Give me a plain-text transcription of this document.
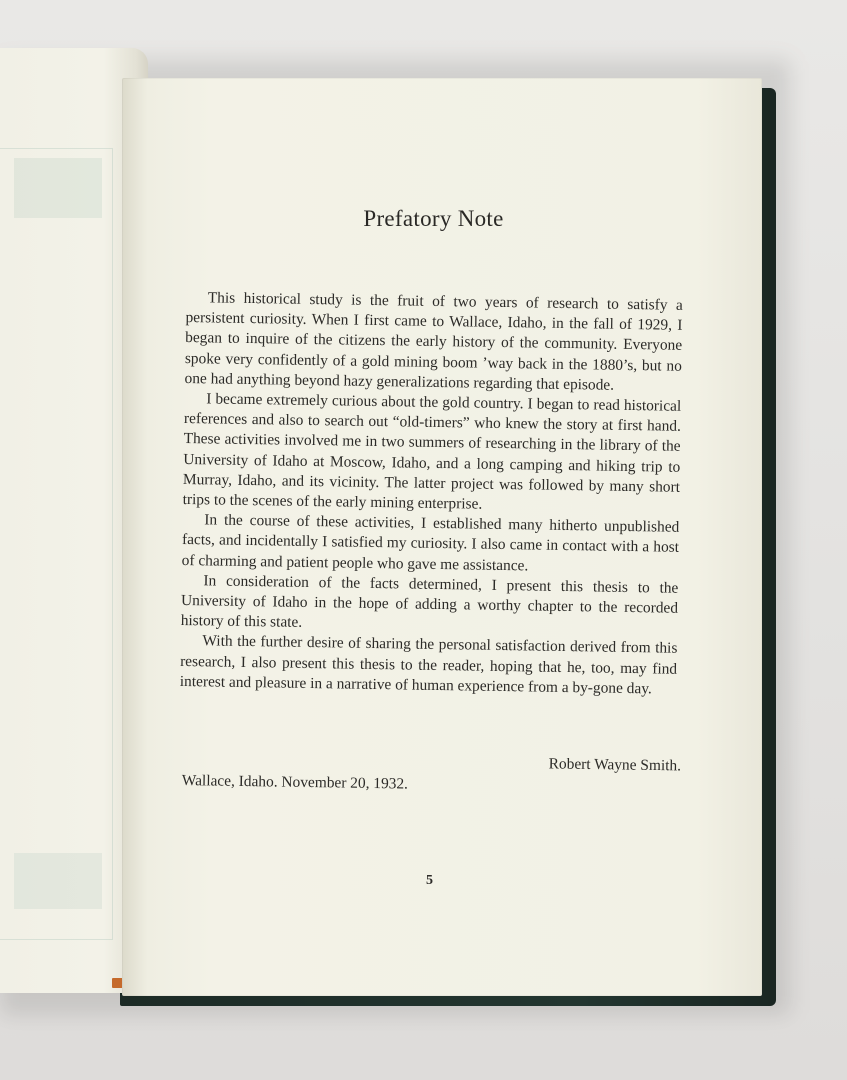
Prefatory Note

This historical study is the fruit of two years of research to satisfy a persistent curiosity. When I first came to Wallace, Idaho, in the fall of 1929, I began to inquire of the citizens the early history of the community. Everyone spoke very confidently of a gold mining boom ’way back in the 1880’s, but no one had anything beyond hazy generalizations regarding that episode.

I became extremely curious about the gold country. I began to read historical references and also to search out “old-timers” who knew the story at first hand. These activities involved me in two summers of researching in the library of the University of Idaho at Moscow, Idaho, and a long camping and hiking trip to Murray, Idaho, and its vicinity. The latter project was followed by many short trips to the scenes of the early mining enterprise.

In the course of these activities, I established many hitherto unpublished facts, and incidentally I satisfied my curiosity. I also came in contact with a host of charming and patient people who gave me assistance.

In consideration of the facts determined, I present this thesis to the University of Idaho in the hope of adding a worthy chapter to the recorded history of this state.

With the further desire of sharing the personal satisfaction derived from this research, I also present this thesis to the reader, hoping that he, too, may find interest and pleasure in a narrative of human experience from a by-gone day.

Robert Wayne Smith.
Wallace, Idaho. November 20, 1932.
5
